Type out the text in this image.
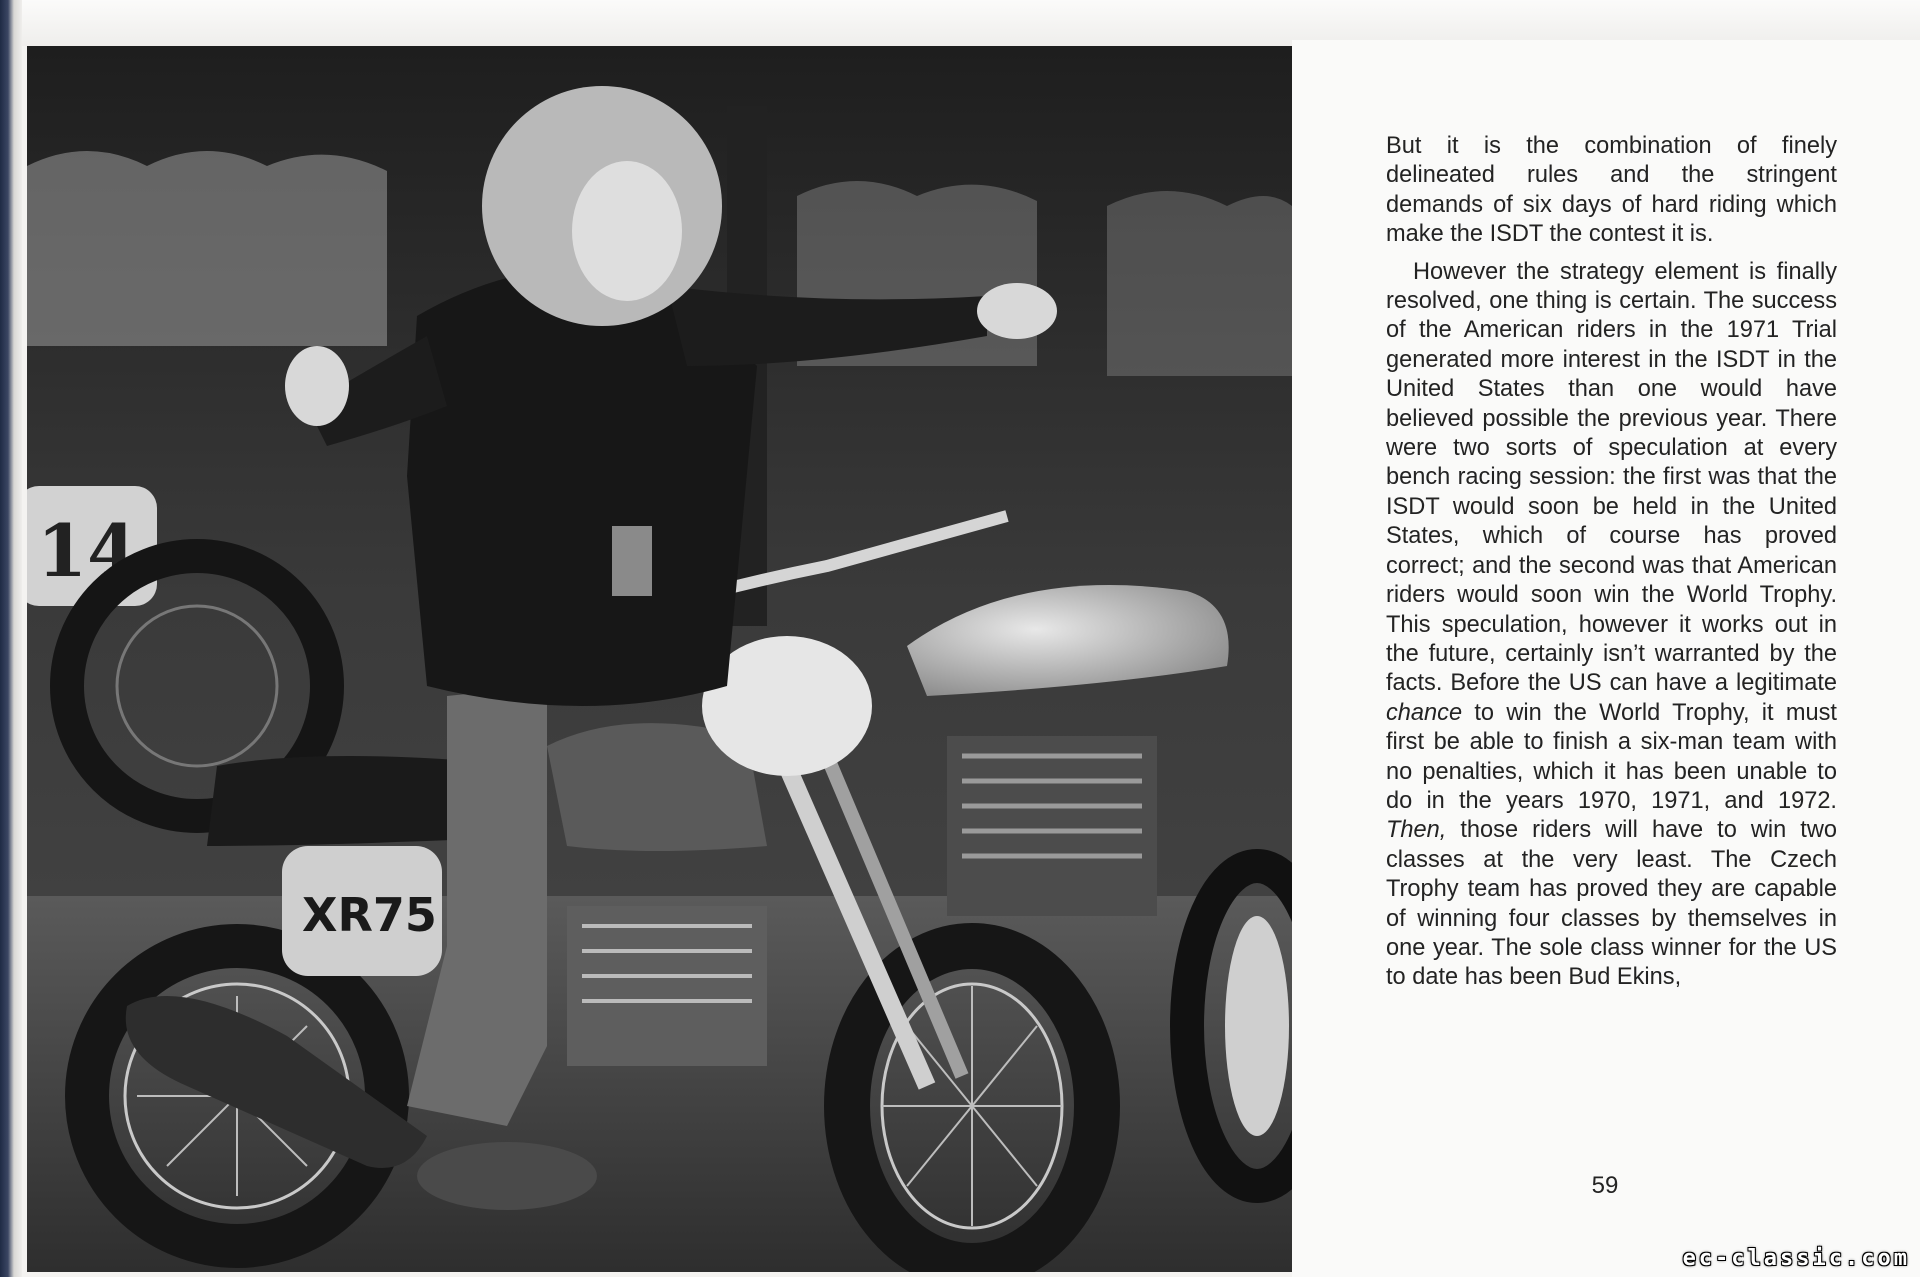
14
XR75

But it is the combination of finely delineated rules and the stringent demands of six days of hard riding which make the ISDT the contest it is.

However the strategy element is finally resolved, one thing is certain. The success of the American riders in the 1971 Trial generated more interest in the ISDT in the United States than one would have believed possible the previous year. There were two sorts of speculation at every bench racing session: the first was that the ISDT would soon be held in the United States, which of course has proved correct; and the second was that American riders would soon win the World Trophy. This speculation, however it works out in the future, certainly isn’t warranted by the facts. Before the US can have a legitimate chance to win the World Trophy, it must first be able to finish a six-man team with no penalties, which it has been unable to do in the years 1970, 1971, and 1972. Then, those riders will have to win two classes at the very least. The Czech Trophy team has proved they are capable of winning four classes by themselves in one year. The sole class winner for the US to date has been Bud Ekins,

59
ec-classic.com
